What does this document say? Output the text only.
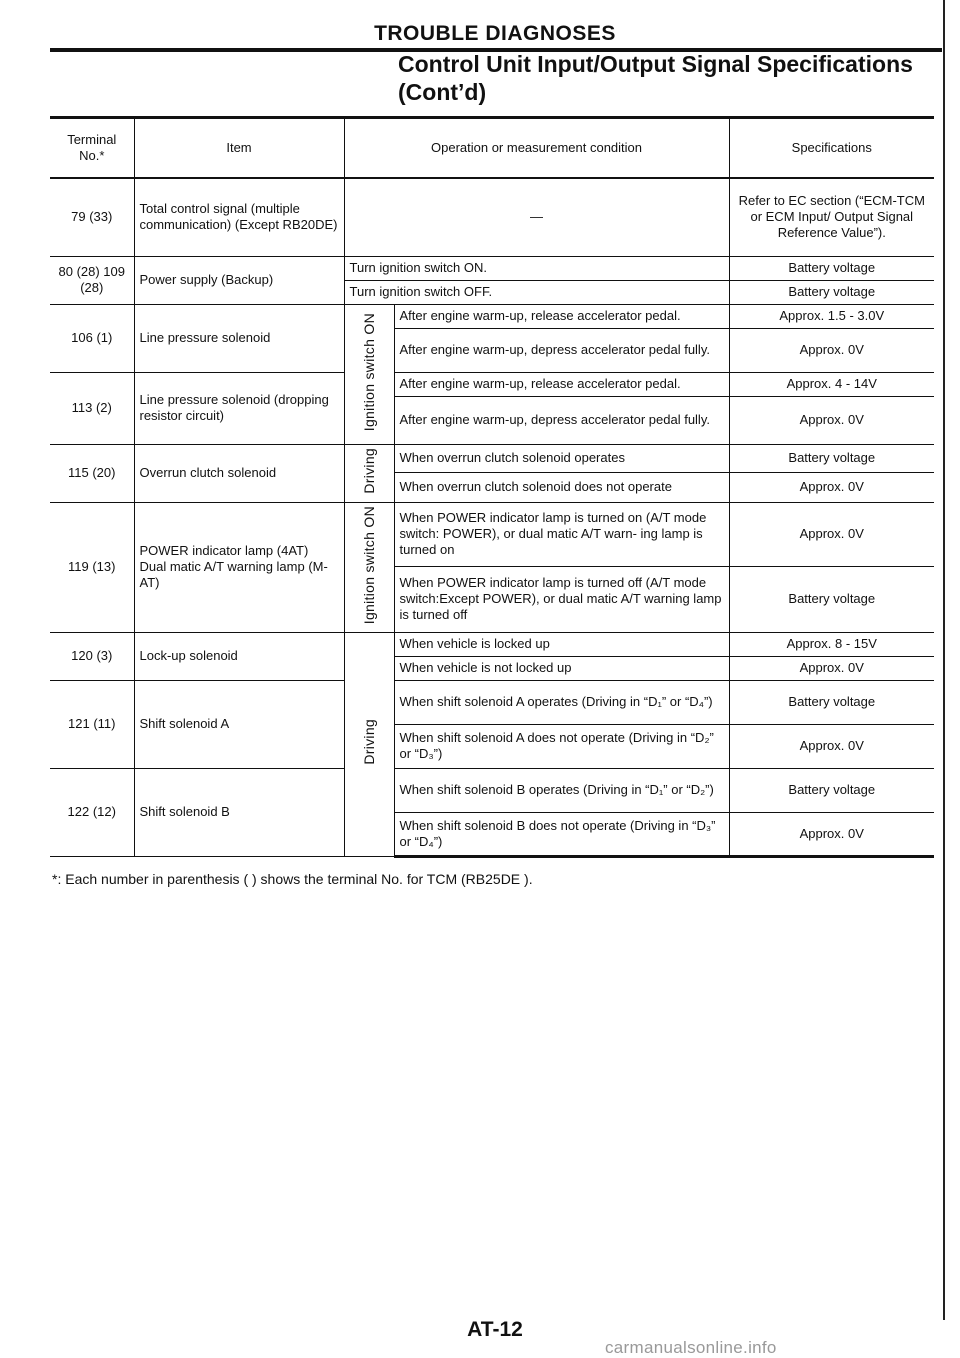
TROUBLE DIAGNOSES
Control Unit Input/Output Signal Specifications
(Cont’d)
Terminal No.*	Item	Operation or measurement condition		Specifications
79 (33)	Total control signal (multiple communication) (Except RB20DE)	—		Refer to EC section (“ECM-TCM or ECM Input/ Output Signal Reference Value”).
80 (28) 109 (28)	Power supply (Backup)	Turn ignition switch ON.		Battery voltage
		Turn ignition switch OFF.		Battery voltage
106 (1)	Line pressure solenoid	Ignition switch ON	After engine warm-up, release accelerator pedal.	Approx. 1.5 - 3.0V
			After engine warm-up, depress accelerator pedal fully.	Approx. 0V
113 (2)	Line pressure solenoid (dropping resistor circuit)		After engine warm-up, release accelerator pedal.	Approx. 4 - 14V
			After engine warm-up, depress accelerator pedal fully.	Approx. 0V
115 (20)	Overrun clutch solenoid	Driving	When overrun clutch solenoid operates	Battery voltage
			When overrun clutch solenoid does not operate	Approx. 0V
119 (13)	POWER indicator lamp (4AT) Dual matic A/T warning lamp (M-AT)	Ignition switch ON	When POWER indicator lamp is turned on (A/T mode switch: POWER), or dual matic A/T warn- ing lamp is turned on	Approx. 0V
			When POWER indicator lamp is turned off (A/T mode switch:Except POWER), or dual matic A/T warning lamp is turned off	Battery voltage
120 (3)	Lock-up solenoid	Driving	When vehicle is locked up	Approx. 8 - 15V
			When vehicle is not locked up	Approx. 0V
121 (11)	Shift solenoid A		When shift solenoid A operates (Driving in “D₁” or “D₄”)	Battery voltage
			When shift solenoid A does not operate (Driving in “D₂” or “D₃”)	Approx. 0V
122 (12)	Shift solenoid B		When shift solenoid B operates (Driving in “D₁” or “D₂”)	Battery voltage
			When shift solenoid B does not operate (Driving in “D₃” or “D₄”)	Approx. 0V
*: Each number in parenthesis ( ) shows the terminal No. for TCM (RB25DE ).
AT-12
carmanualsonline.info
